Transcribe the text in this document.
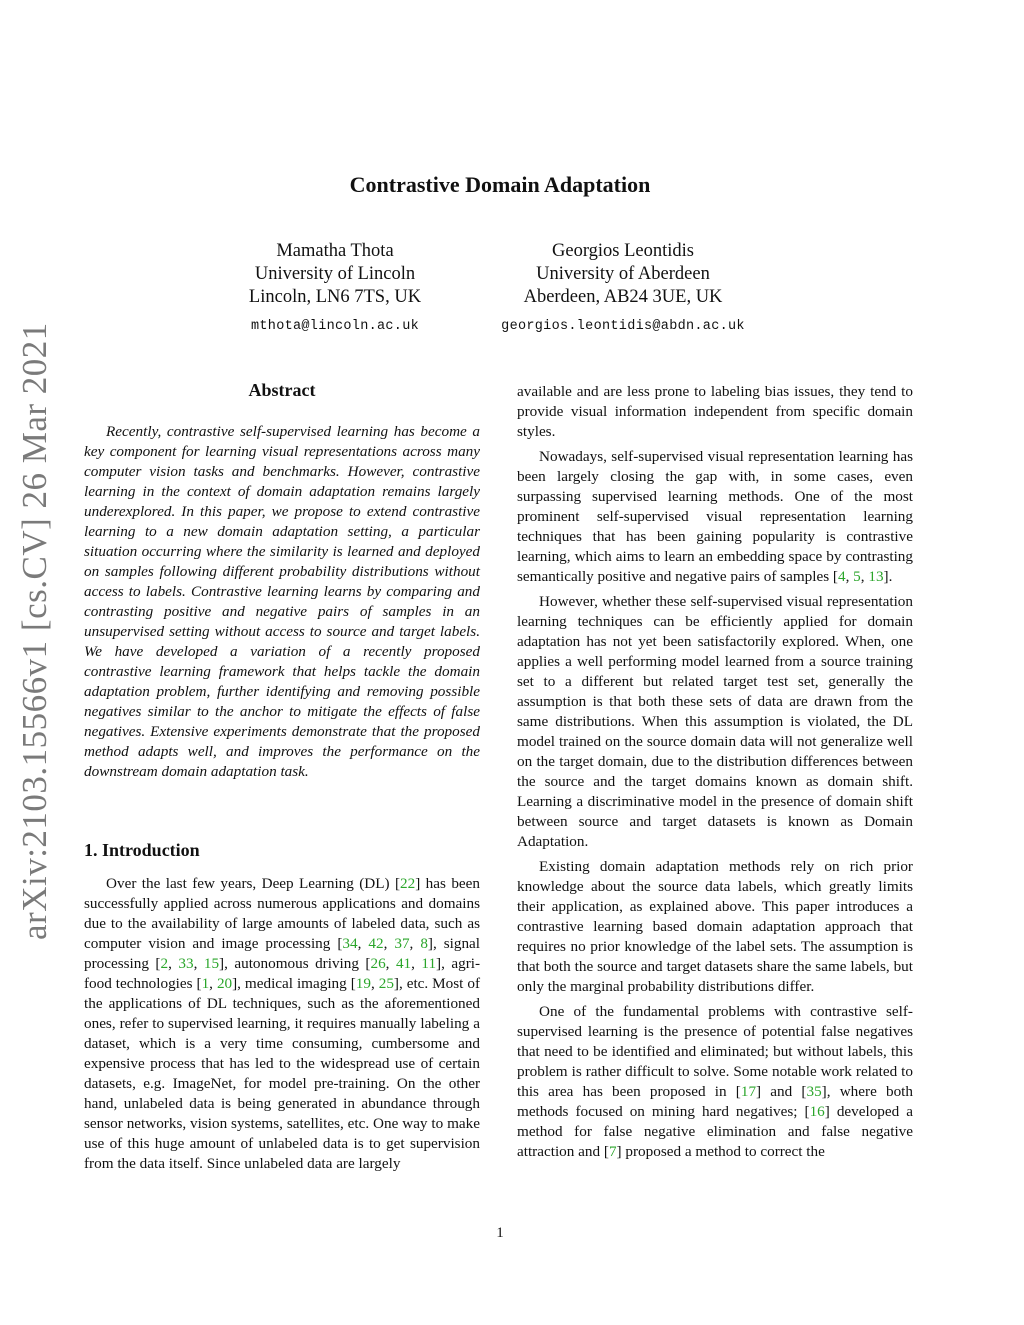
arXiv:2103.15566v1 [cs.CV] 26 Mar 2021
Contrastive Domain Adaptation
Mamatha Thota
University of Lincoln
Lincoln, LN6 7TS, UK
mthota@lincoln.ac.uk
Georgios Leontidis
University of Aberdeen
Aberdeen, AB24 3UE, UK
georgios.leontidis@abdn.ac.uk
Abstract

Recently, contrastive self-supervised learning has become a key component for learning visual representations across many computer vision tasks and benchmarks. However, contrastive learning in the context of domain adaptation remains largely underexplored. In this paper, we propose to extend contrastive learning to a new domain adaptation setting, a particular situation occurring where the similarity is learned and deployed on samples following different probability distributions without access to labels. Contrastive learning learns by comparing and contrasting positive and negative pairs of samples in an unsupervised setting without access to source and target labels. We have developed a variation of a recently proposed contrastive learning framework that helps tackle the domain adaptation problem, further identifying and removing possible negatives similar to the anchor to mitigate the effects of false negatives. Extensive experiments demonstrate that the proposed method adapts well, and improves the performance on the downstream domain adaptation task.

1. Introduction

Over the last few years, Deep Learning (DL) [22] has been successfully applied across numerous applications and domains due to the availability of large amounts of labeled data, such as computer vision and image processing [34, 42, 37, 8], signal processing [2, 33, 15], autonomous driving [26, 41, 11], agri-food technologies [1, 20], medical imaging [19, 25], etc. Most of the applications of DL techniques, such as the aforementioned ones, refer to supervised learning, it requires manually labeling a dataset, which is a very time consuming, cumbersome and expensive process that has led to the widespread use of certain datasets, e.g. ImageNet, for model pre-training. On the other hand, unlabeled data is being generated in abundance through sensor networks, vision systems, satellites, etc. One way to make use of this huge amount of unlabeled data is to get supervision from the data itself. Since unlabeled data are largely

available and are less prone to labeling bias issues, they tend to provide visual information independent from specific domain styles.

Nowadays, self-supervised visual representation learning has been largely closing the gap with, in some cases, even surpassing supervised learning methods. One of the most prominent self-supervised visual representation learning techniques that has been gaining popularity is contrastive learning, which aims to learn an embedding space by contrasting semantically positive and negative pairs of samples [4, 5, 13].

However, whether these self-supervised visual representation learning techniques can be efficiently applied for domain adaptation has not yet been satisfactorily explored. When, one applies a well performing model learned from a source training set to a different but related target test set, generally the assumption is that both these sets of data are drawn from the same distributions. When this assumption is violated, the DL model trained on the source domain data will not generalize well on the target domain, due to the distribution differences between the source and the target domains known as domain shift. Learning a discriminative model in the presence of domain shift between source and target datasets is known as Domain Adaptation.

Existing domain adaptation methods rely on rich prior knowledge about the source data labels, which greatly limits their application, as explained above. This paper introduces a contrastive learning based domain adaptation approach that requires no prior knowledge of the label sets. The assumption is that both the source and target datasets share the same labels, but only the marginal probability distributions differ.

One of the fundamental problems with contrastive self-supervised learning is the presence of potential false negatives that need to be identified and eliminated; but without labels, this problem is rather difficult to solve. Some notable work related to this area has been proposed in [17] and [35], where both methods focused on mining hard negatives; [16] developed a method for false negative elimination and false negative attraction and [7] proposed a method to correct the

1
